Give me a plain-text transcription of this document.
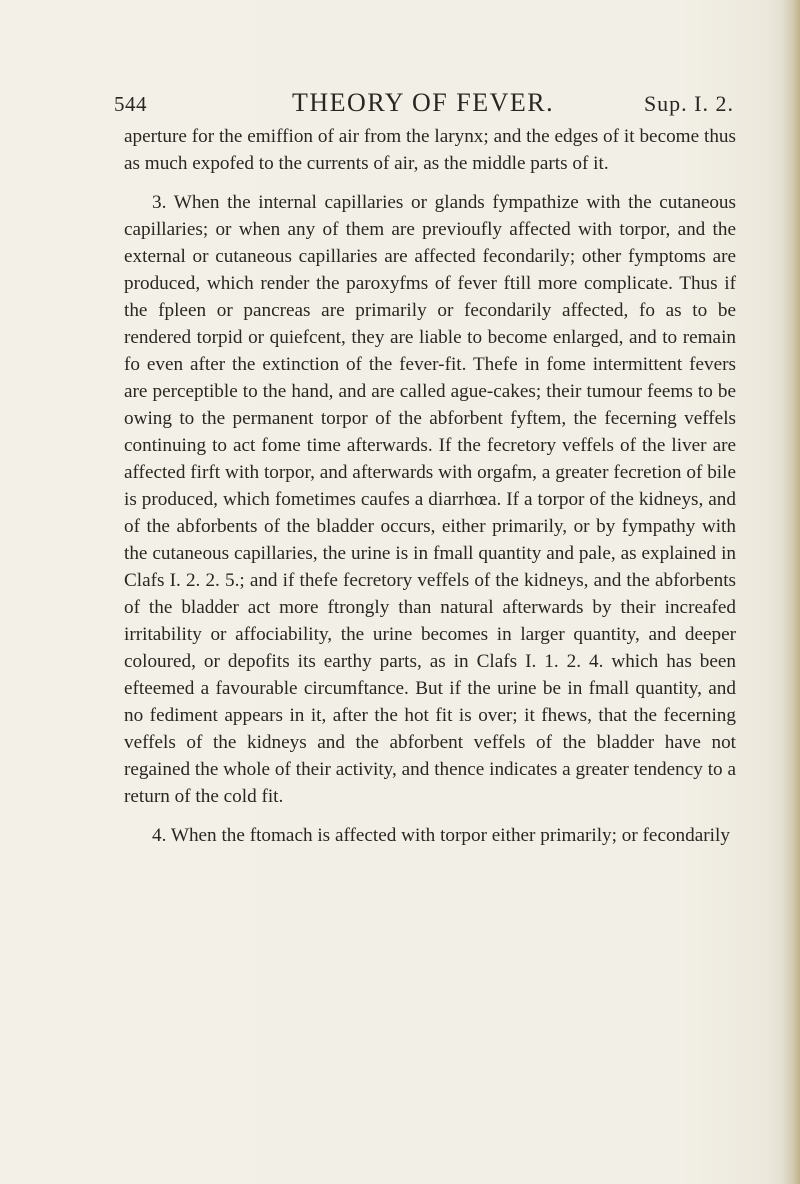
544	THEORY OF FEVER.	Sup. I. 2.

aperture for the emiffion of air from the larynx; and the edges of it become thus as much expofed to the currents of air, as the middle parts of it.

3. When the internal capillaries or glands fympathize with the cutaneous capillaries; or when any of them are previoufly affected with torpor, and the external or cutaneous capillaries are affected fecondarily; other fymptoms are produced, which render the paroxyfms of fever ftill more complicate. Thus if the fpleen or pancreas are primarily or fecondarily affected, fo as to be rendered torpid or quiefcent, they are liable to become enlarged, and to remain fo even after the extinction of the fever-fit. Thefe in fome intermittent fevers are perceptible to the hand, and are called ague-cakes; their tumour feems to be owing to the permanent torpor of the abforbent fyftem, the fecerning veffels continuing to act fome time afterwards. If the fecretory veffels of the liver are affected firft with torpor, and afterwards with orgafm, a greater fecretion of bile is produced, which fometimes caufes a diarrhœa. If a torpor of the kidneys, and of the abforbents of the bladder occurs, either primarily, or by fympathy with the cutaneous capillaries, the urine is in fmall quantity and pale, as explained in Clafs I. 2. 2. 5.; and if thefe fecretory veffels of the kidneys, and the abforbents of the bladder act more ftrongly than natural afterwards by their increafed irritability or affociability, the urine becomes in larger quantity, and deeper coloured, or depofits its earthy parts, as in Clafs I. 1. 2. 4. which has been efteemed a favourable circumftance. But if the urine be in fmall quantity, and no fediment appears in it, after the hot fit is over; it fhews, that the fecerning veffels of the kidneys and the abforbent veffels of the bladder have not regained the whole of their activity, and thence indicates a greater tendency to a return of the cold fit.

4. When the ftomach is affected with torpor either primarily; or fecondarily
